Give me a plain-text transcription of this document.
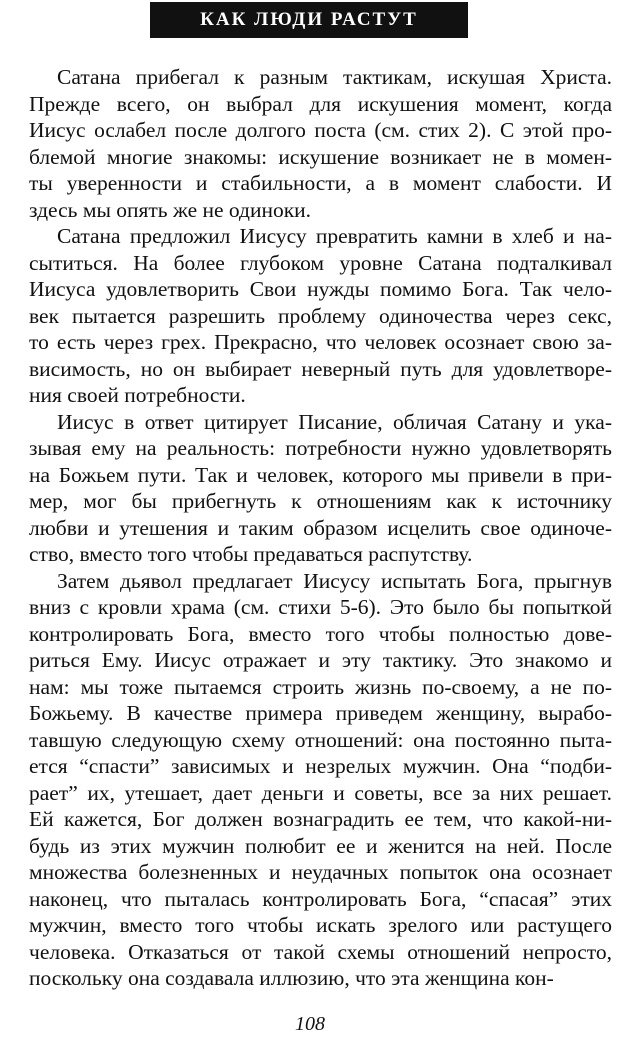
КАК ЛЮДИ РАСТУТ
Сатана прибегал к разным тактикам, искушая Христа.
Прежде всего, он выбрал для искушения момент, когда
Иисус ослабел после долгого поста (см. стих 2). С этой про-
блемой многие знакомы: искушение возникает не в момен-
ты уверенности и стабильности, а в момент слабости. И
здесь мы опять же не одиноки.
Сатана предложил Иисусу превратить камни в хлеб и на-
сытиться. На более глубоком уровне Сатана подталкивал
Иисуса удовлетворить Свои нужды помимо Бога. Так чело-
век пытается разрешить проблему одиночества через секс,
то есть через грех. Прекрасно, что человек осознает свою за-
висимость, но он выбирает неверный путь для удовлетворе-
ния своей потребности.
Иисус в ответ цитирует Писание, обличая Сатану и ука-
зывая ему на реальность: потребности нужно удовлетворять
на Божьем пути. Так и человек, которого мы привели в при-
мер, мог бы прибегнуть к отношениям как к источнику
любви и утешения и таким образом исцелить свое одиноче-
ство, вместо того чтобы предаваться распутству.
Затем дьявол предлагает Иисусу испытать Бога, прыгнув
вниз с кровли храма (см. стихи 5-6). Это было бы попыткой
контролировать Бога, вместо того чтобы полностью дове-
риться Ему. Иисус отражает и эту тактику. Это знакомо и
нам: мы тоже пытаемся строить жизнь по-своему, а не по-
Божьему. В качестве примера приведем женщину, вырабо-
тавшую следующую схему отношений: она постоянно пыта-
ется “спасти” зависимых и незрелых мужчин. Она “подби-
рает” их, утешает, дает деньги и советы, все за них решает.
Ей кажется, Бог должен вознаградить ее тем, что какой-ни-
будь из этих мужчин полюбит ее и женится на ней. После
множества болезненных и неудачных попыток она осознает
наконец, что пыталась контролировать Бога, “спасая” этих
мужчин, вместо того чтобы искать зрелого или растущего
человека. Отказаться от такой схемы отношений непросто,
поскольку она создавала иллюзию, что эта женщина кон-
108
